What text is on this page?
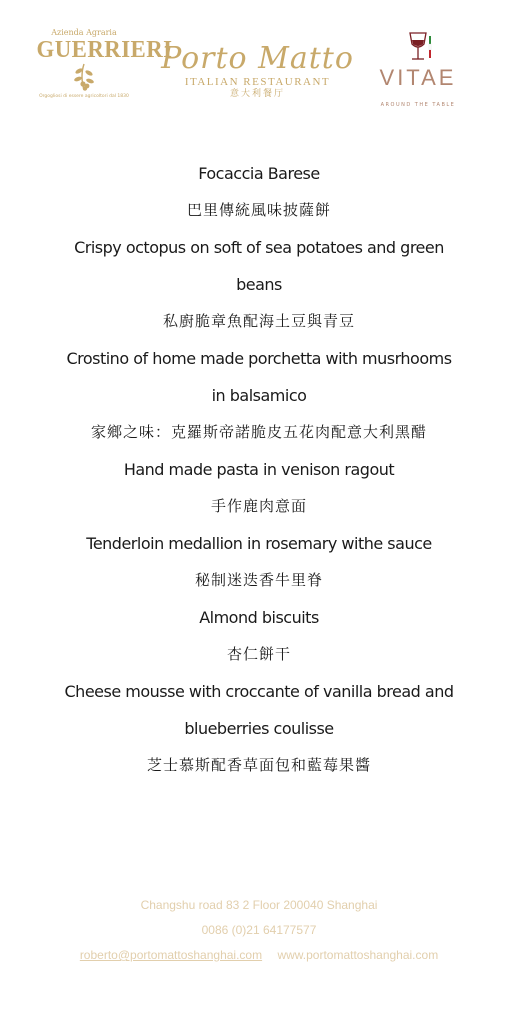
Azienda Agraria
GUERRIERI
Orgogliosi di essere agricoltori dal 1830
Porto Matto
ITALIAN RESTAURANT
意大利餐厅
VITAE
AROUND THE TABLE
Focaccia Barese
巴里傳統風味披薩餅
Crispy octopus on soft of sea potatoes and green
beans
私廚脆章魚配海土豆與青豆
Crostino of home made porchetta with musrhooms
in balsamico
家鄉之味：克羅斯帝諾脆皮五花肉配意大利黑醋
Hand made pasta in venison ragout
手作鹿肉意面
Tenderloin medallion in rosemary withe sauce
秘制迷迭香牛里脊
Almond biscuits
杏仁餅干
Cheese mousse with croccante of vanilla bread and
blueberries coulisse
芝士慕斯配香草面包和藍莓果醬
Changshu road 83 2 Floor 200040 Shanghai
0086 (0)21 64177577
roberto@portomattoshanghai.com www.portomattoshanghai.com
